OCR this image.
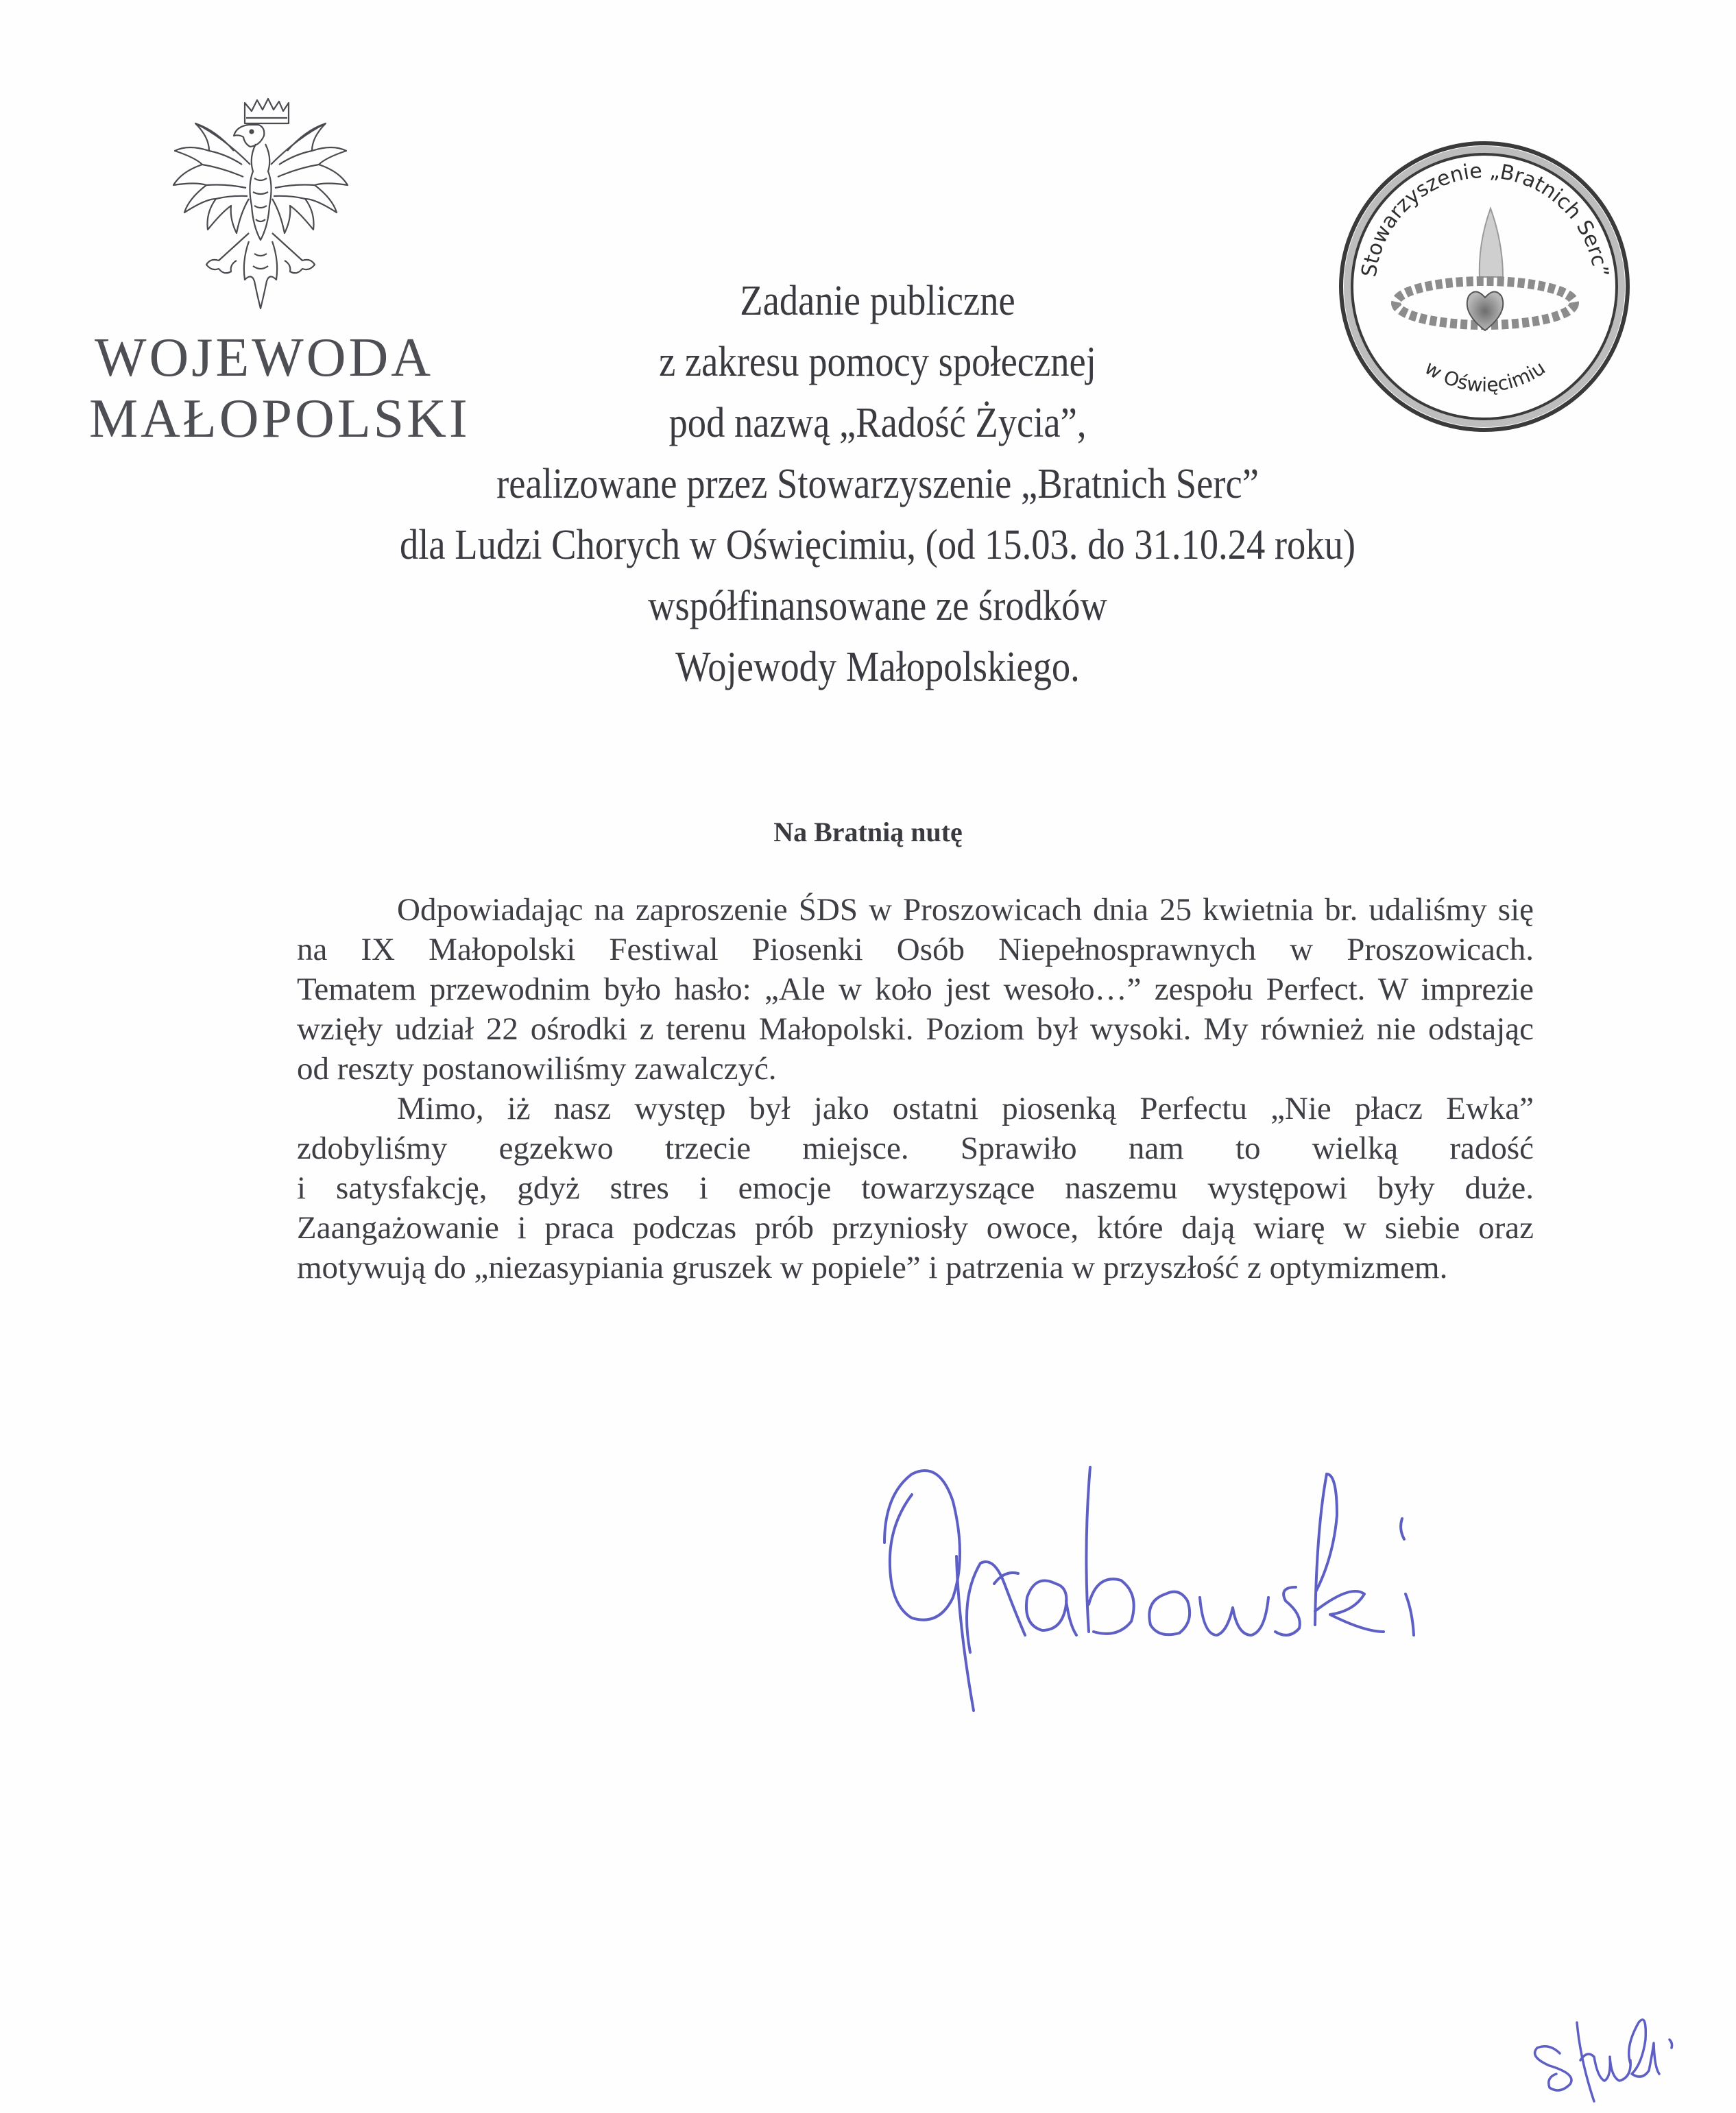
WOJEWODA
MAŁOPOLSKI
Stowarzyszenie „Bratnich Serc”
w Oświęcimiu
Zadanie publiczne
z zakresu pomocy społecznej
pod nazwą „Radość Życia”,
realizowane przez Stowarzyszenie „Bratnich Serc”
dla Ludzi Chorych w Oświęcimiu, (od 15.03. do 31.10.24 roku)
współfinansowane ze środków
Wojewody Małopolskiego.
Na Bratnią nutę
Odpowiadając na zaproszenie ŚDS w Proszowicach dnia 25 kwietnia br. udaliśmy się
na IX Małopolski Festiwal Piosenki Osób Niepełnosprawnych w Proszowicach.
Tematem przewodnim było hasło: „Ale w koło jest wesoło…” zespołu Perfect. W imprezie
wzięły udział 22 ośrodki z terenu Małopolski. Poziom był wysoki. My również nie odstając
od reszty postanowiliśmy zawalczyć.
Mimo, iż nasz występ był jako ostatni piosenką Perfectu „Nie płacz Ewka”
zdobyliśmy egzekwo trzecie miejsce. Sprawiło nam to wielką radość
i satysfakcję, gdyż stres i emocje towarzyszące naszemu występowi były duże.
Zaangażowanie i praca podczas prób przyniosły owoce, które dają wiarę w siebie oraz
motywują do „niezasypiania gruszek w popiele” i patrzenia w przyszłość z optymizmem.
